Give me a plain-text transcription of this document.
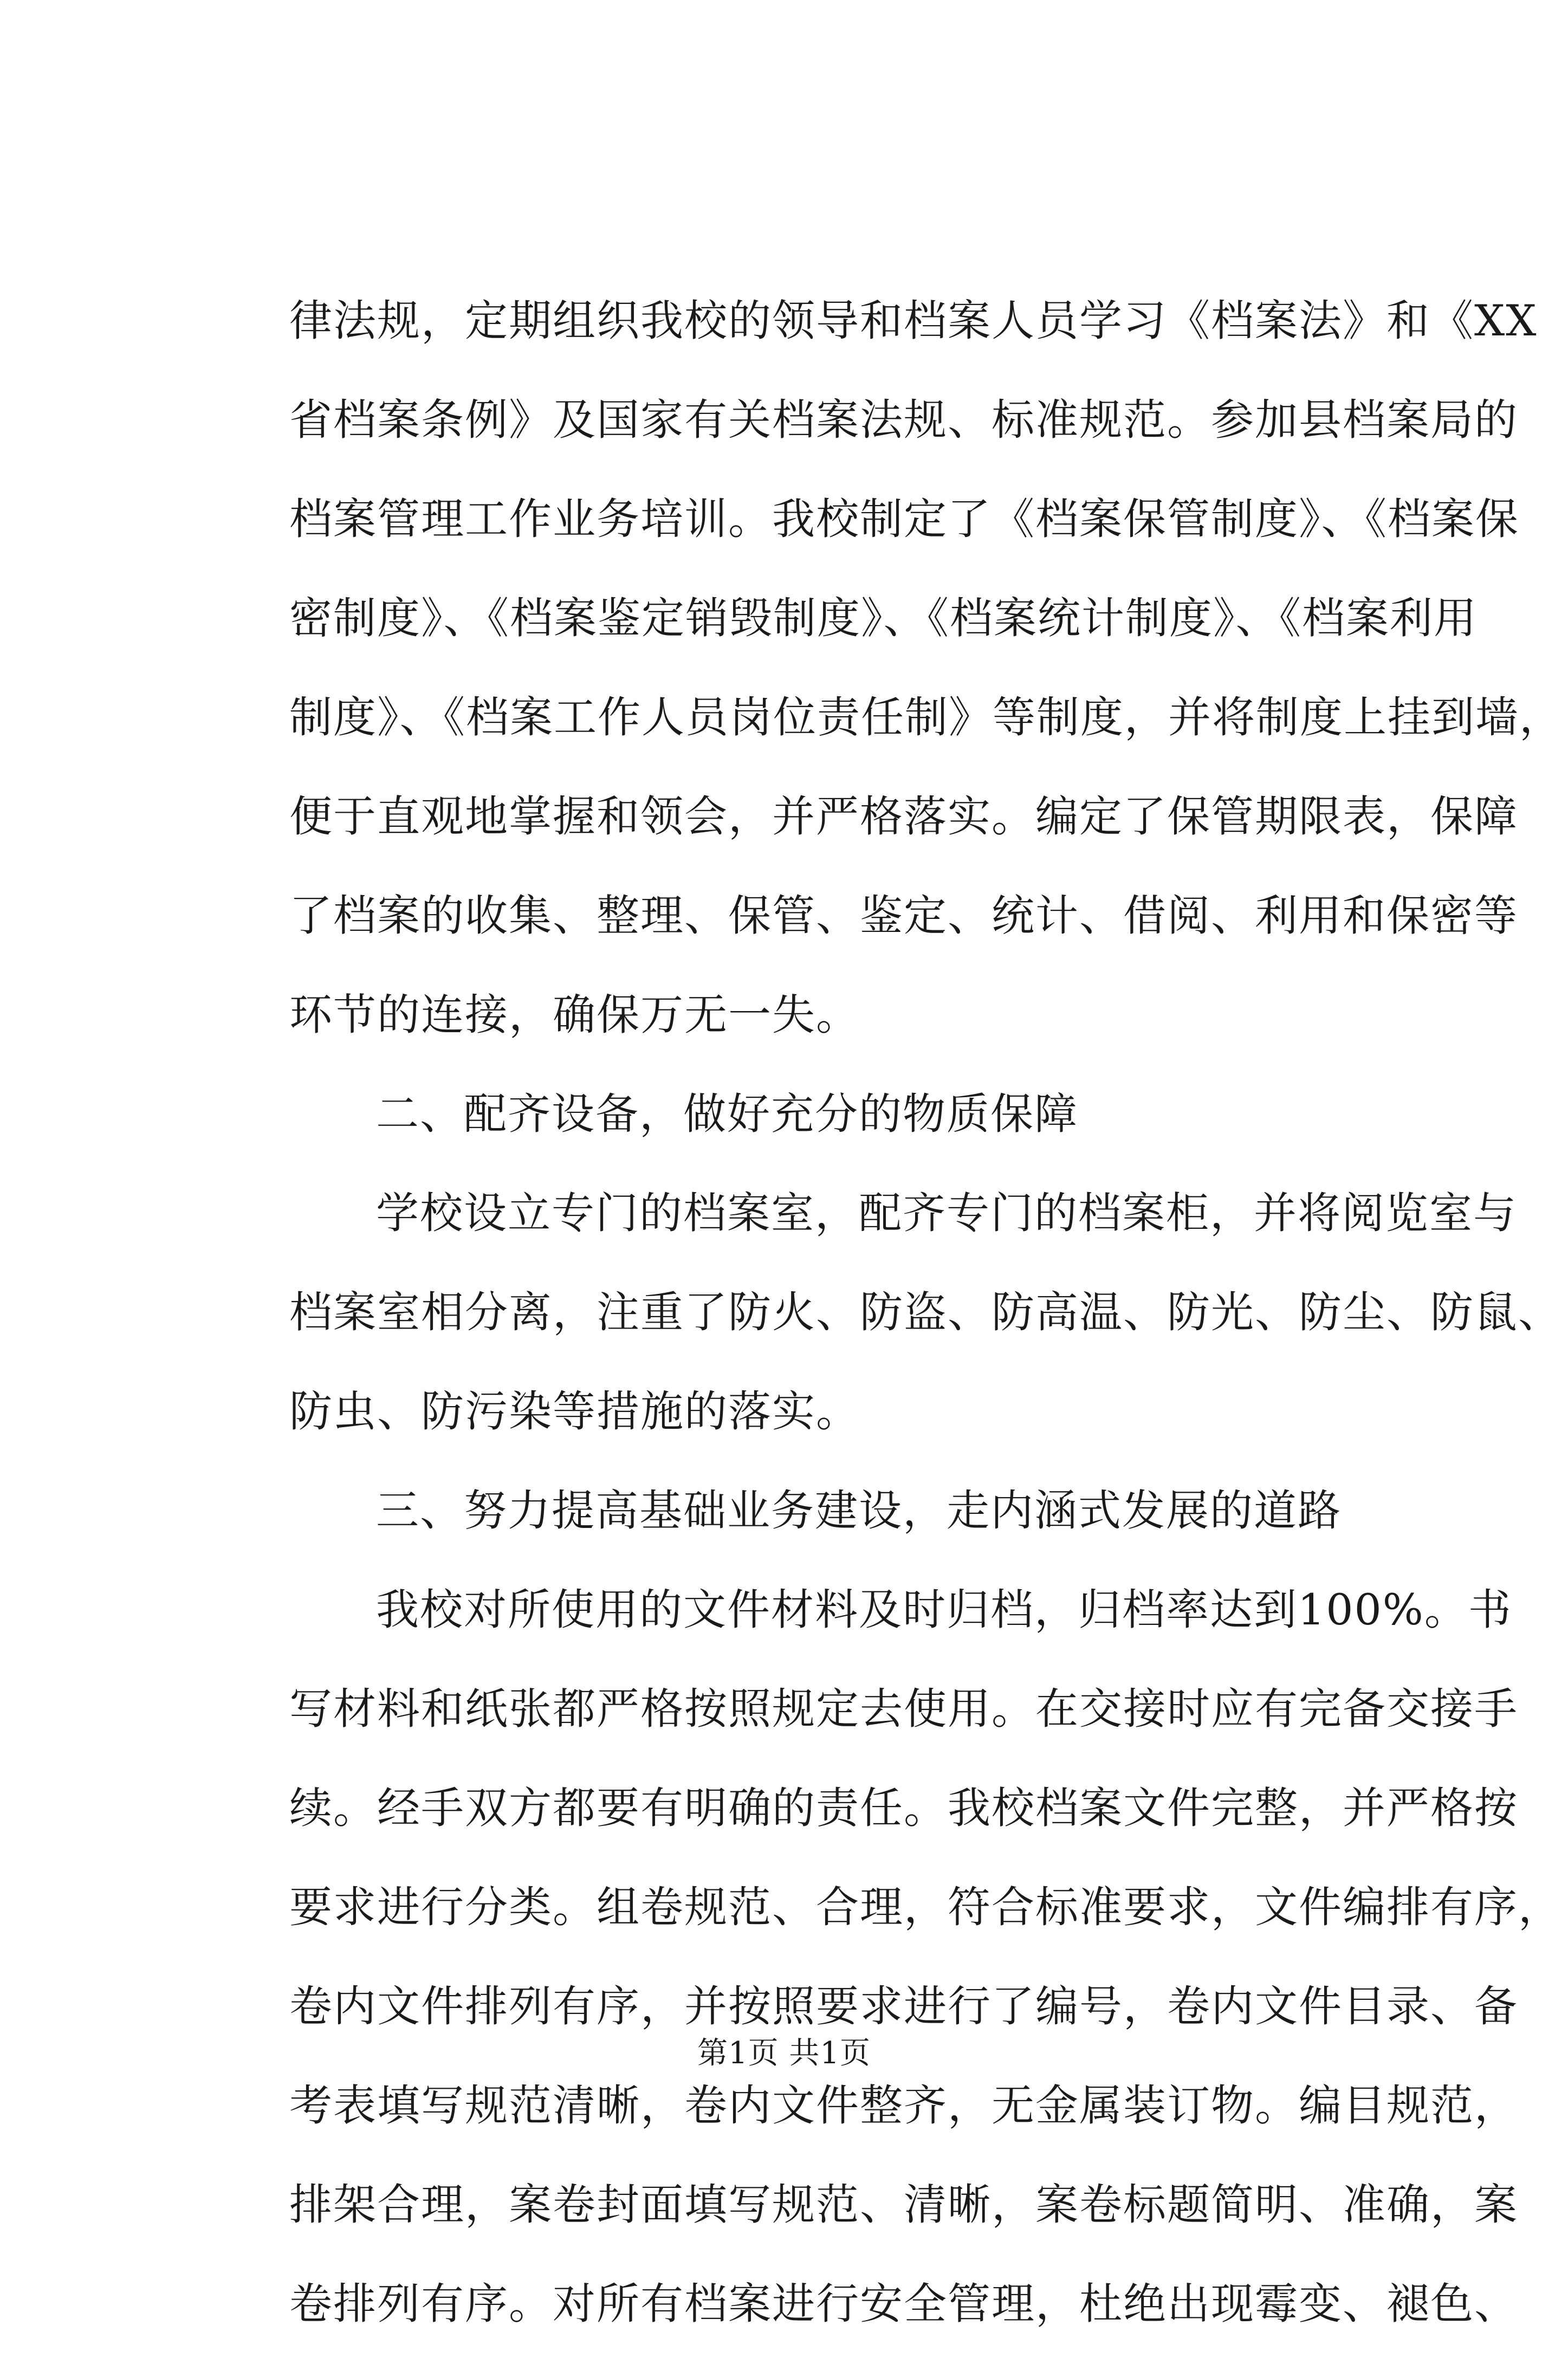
律法规，定期组织我校的领导和档案人员学习《档案法》和《XX
省档案条例》及国家有关档案法规、标准规范。参加县档案局的
档案管理工作业务培训。我校制定了《档案保管制度》、《档案保
密制度》、《档案鉴定销毁制度》、《档案统计制度》、《档案利用
制度》、《档案工作人员岗位责任制》等制度，并将制度上挂到墙，
便于直观地掌握和领会，并严格落实。编定了保管期限表，保障
了档案的收集、整理、保管、鉴定、统计、借阅、利用和保密等
环节的连接，确保万无一失。
二、配齐设备，做好充分的物质保障
学校设立专门的档案室，配齐专门的档案柜，并将阅览室与
档案室相分离，注重了防火、防盗、防高温、防光、防尘、防鼠、
防虫、防污染等措施的落实。
三、努力提高基础业务建设，走内涵式发展的道路
我校对所使用的文件材料及时归档，归档率达到100%。书
写材料和纸张都严格按照规定去使用。在交接时应有完备交接手
续。经手双方都要有明确的责任。我校档案文件完整，并严格按
要求进行分类。组卷规范、合理，符合标准要求，文件编排有序，
卷内文件排列有序，并按照要求进行了编号，卷内文件目录、备
考表填写规范清晰，卷内文件整齐，无金属装订物。编目规范，
排架合理，案卷封面填写规范、清晰，案卷标题简明、准确，案
卷排列有序。对所有档案进行安全管理，杜绝出现霉变、褪色、
第1页 共1页
